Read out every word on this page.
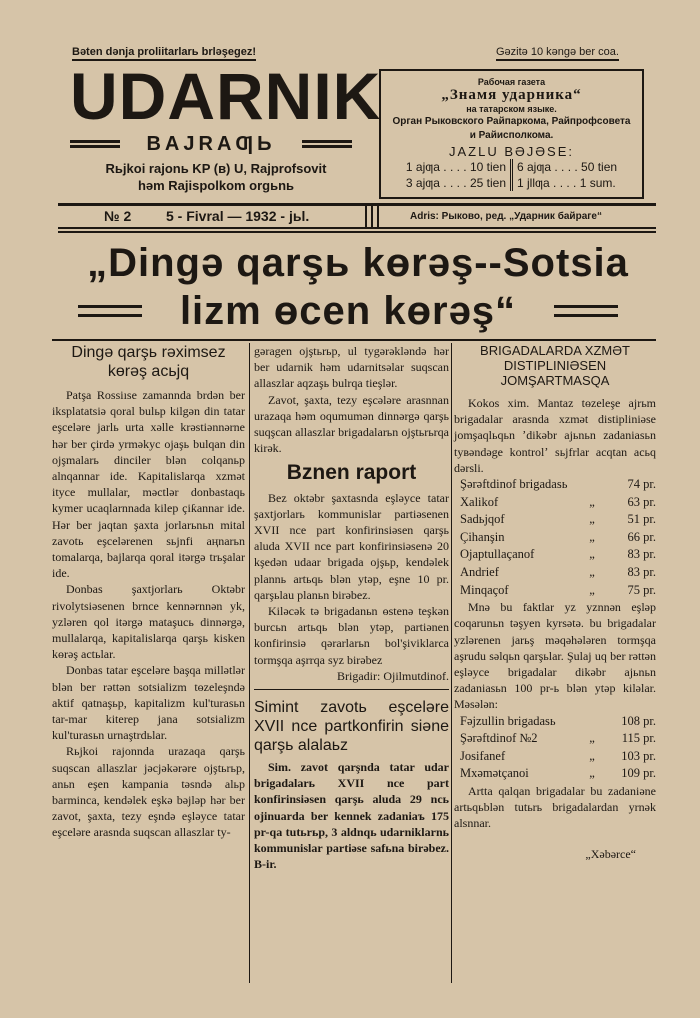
Bəten dənja proliitarlarь brləşegez!	Gəzitə 10 kəngə ber coa.
UDARNIK
BAJRAƢЬ
Rьjkoi rajonь KP (в) U, Rajprofsovit
həm Rajispolkom orgьnь
Рабочая газета
„Знамя ударника“
на татарском языке.
Орган Рыковского Райпаркома, Райпрофсовета
и Райисполкома.
JAZLU BƏJƏSE:
1 ajƣa . . . . 10 tien
3 ajƣa . . . . 25 tien
6 ajƣa . . . . 50 tien
1 jllƣa . . . . 1 sum.
№ 2 5 - Fivral — 1932 - jьl.	Adris: Рыково, ред. „Ударник байраге“
„Dingə qarşь kөrəş--Sotsia
lizm өcen kөrəş“
Dingə qarşь rəximsez kөrəş acьjq

Patşa Rossiıse zamannda brdən ber iksplatatsiə qoral bulьp kilgən din tatar eşceləre jarlь urta xəlle krəstiənnərne hər ber çirdə yrməkyc ojaşь bulqan din ojşmalarь dinciler blən colqanьp alnqannar ide. Kapitalislarqa xzmət ityce mullalar, məctlər donbastaqь kymer ucaqlarnnada kilep çiƙannar ide. Hər ber jaqtan şaxta jorlarьnьn mital zavotь eşcelərenen sьjnfi aңnarьn tomalarqa, bajlarqa qoral itərgə trьşalar ide.

Donbas şaxtjorlarь Oktəbr rivolytsiəsenen brnce kennərnnən yk, yzləren qol itərgə mataşucь dinnərgə, mullalarqa, kapitalislarqa qarşь kisken kөrəş actьlar.

Donbas tatar eşceləre başqa millətlər blən ber rəttən sotsializm tөzeleşndə aktif qatnaşьp, kapitalizm kul'turasьn tar-mar kiterep jana sotsializm kul'turasьn urnaştrdьlar.

Rьjkoi rajonnda urazaqa qarşь suqscan allaszlar jəcjəkərəre ojştьrьp, anьn eşen kampania təsndə alьp barminca, kendəlek eşkə bəjləp hər ber zavot, şaxta, tezy eşndə eşləyce tatar eşceləre arasnda suqscan allaszlar ty-

gəragen ojştьrьp, ul tygərəkləndə hər ber udarnik həm udarnitsəlar suqscan allaszlar aqzaşь bulrqa tieşlər.

Zavot, şaxta, tezy eşcələre arasnnan urazaqa həm oqumumən dinnərgə qarşь suqşcan allaszlar brigadalarьn ojştьrьrqa kirək.

Bznen raport

Bez oktəbr şaxtasnda eşləyce tatar şaxtjorlarь kommunislar partiəsenen XVII nce part konfirinsiəsen qarşь aluda XVII nce part konfirinsiəsenə 20 kşedən udaar brigada ojşьp, kendəlek plannь artьqь blən ytəp, eşne 10 pr. qarşьlau planьn birəbez.

Kiləcək tə brigadanьn өstenə teşkən burcьn artьqь blən ytəp, partiənen konfirinsiə qərarlarьn bol'şiviklarca tormşqa aşrrqa syz birəbez

Brigadir: Ojilmutdinof.
Simint zavotь eşcelərе XVII nce partkonfirin siəne qarşь alalaьz

Sim. zavot qarşnda tatar udar brigadalarь XVII nce part konfirinsiəsen qarşь aluda 29 ncь ojinuarda ber kennek zadaniaъ 175 pr-qa tutьrьp, 3 aldnqь udarniklarnь kommunislar partiəse safьna birəbez. B-ir.

BRIGADALARDA XZMƏT DISTIPLINIƏSEN JOMŞARTMASQA

Kokos xim. Mantaz tөzeleşe ajrьm brigadalar arasnda xzmət distipliniəse jomşaqlьqьn ʼdikəbr ajьnьn zadaniasьn tyвəndəge kontrolʼ sьjfrlar acqtan acьq dərsli.

Şərəftdinof brigadasь		74 pr.
Xalikof	„	63 pr.
Sadьjqof	„	51 pr.
Çihanşin	„	66 pr.
Ojaptullaçanof	„	83 pr.
Andrief	„	83 pr.
Minqaçof	„	75 pr.

Mnə bu faktlar yz yznnən eşləp coqarunьn təşyen kyrsətə. bu brigadalar yzlərenen jarьş məqəhələren tormşqa aşrudu səlqьn qarşьlar. Şulaj uq ber rəttən eşləyce brigadalar dikəbr ajьnьn zadaniasьn 100 pr-ь blən ytəp kiləlar. Məsələn:

Fəjzullin brigadasь		108 pr.
Şərəftdinof №2	„	115 pr.
Josifanef	„	103 pr.
Mxəmətçanoi	„	109 pr.

Artta qalqan brigadalar bu zadaniəne artьqьblən tutьrь brigadalardan yrnək alsnnar.

„Xəbərcе“
